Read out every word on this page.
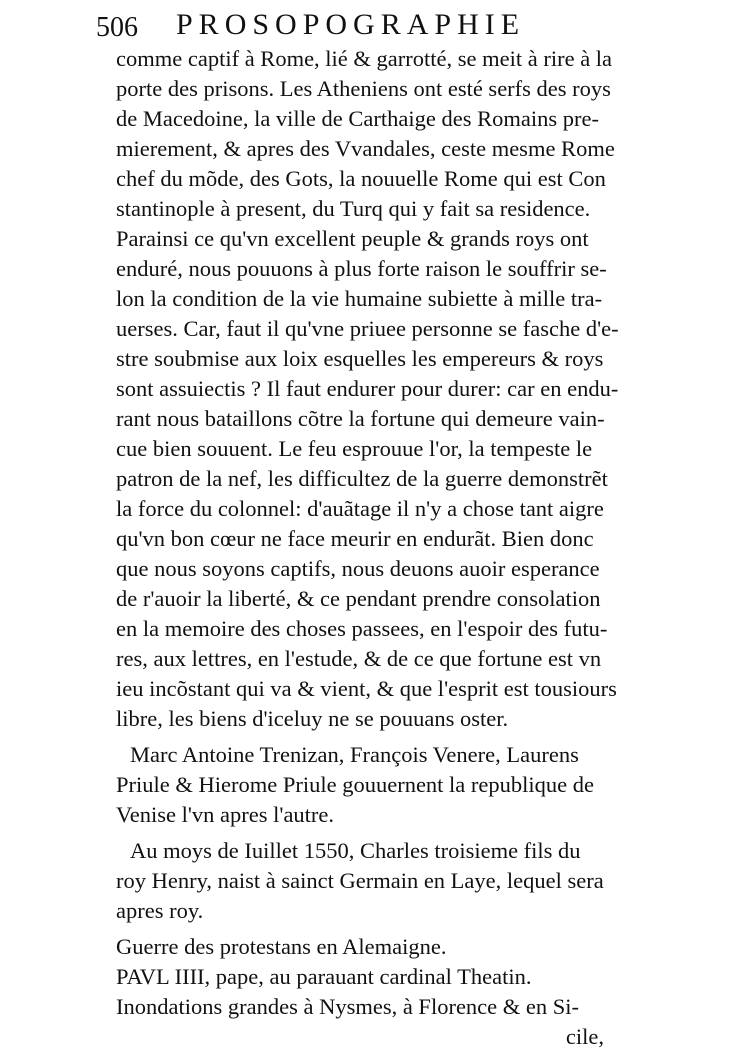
506 PROSOPOGRAPHIE
comme captif à Rome, lié & garrotté, se meit à rire à la
porte des prisons. Les Atheniens ont esté serfs des roys
de Macedoine, la ville de Carthaige des Romains pre-
mierement, & apres des Vvandales, ceste mesme Rome
chef du mõde, des Gots, la nouuelle Rome qui est Con
stantinople à present, du Turq qui y fait sa residence.
Parainsi ce qu'vn excellent peuple & grands roys ont
enduré, nous pouuons à plus forte raison le souffrir se-
lon la condition de la vie humaine subiette à mille tra-
uerses. Car, faut il qu'vne priuee personne se fasche d'e-
stre soubmise aux loix esquelles les empereurs & roys
sont assuiectis ? Il faut endurer pour durer: car en endu-
rant nous bataillons cõtre la fortune qui demeure vain-
cue bien souuent. Le feu esprouue l'or, la tempeste le
patron de la nef, les difficultez de la guerre demonstrẽt
la force du colonnel: d'auãtage il n'y a chose tant aigre
qu'vn bon cœur ne face meurir en endurãt. Bien donc
que nous soyons captifs, nous deuons auoir esperance
de r'auoir la liberté, & ce pendant prendre consolation
en la memoire des choses passees, en l'espoir des futu-
res, aux lettres, en l'estude, & de ce que fortune est vn
ieu incõstant qui va & vient, & que l'esprit est tousiours
libre, les biens d'iceluy ne se pouuans oster.
Marc Antoine Trenizan, François Venere, Laurens
Priule & Hierome Priule gouuernent la republique de
Venise l'vn apres l'autre.
Au moys de Iuillet 1550, Charles troisieme fils du
roy Henry, naist à sainct Germain en Laye, lequel sera
apres roy.
Guerre des protestans en Alemaigne.
PAVL IIII, pape, au parauant cardinal Theatin.
Inondations grandes à Nysmes, à Florence & en Si-
cile,
